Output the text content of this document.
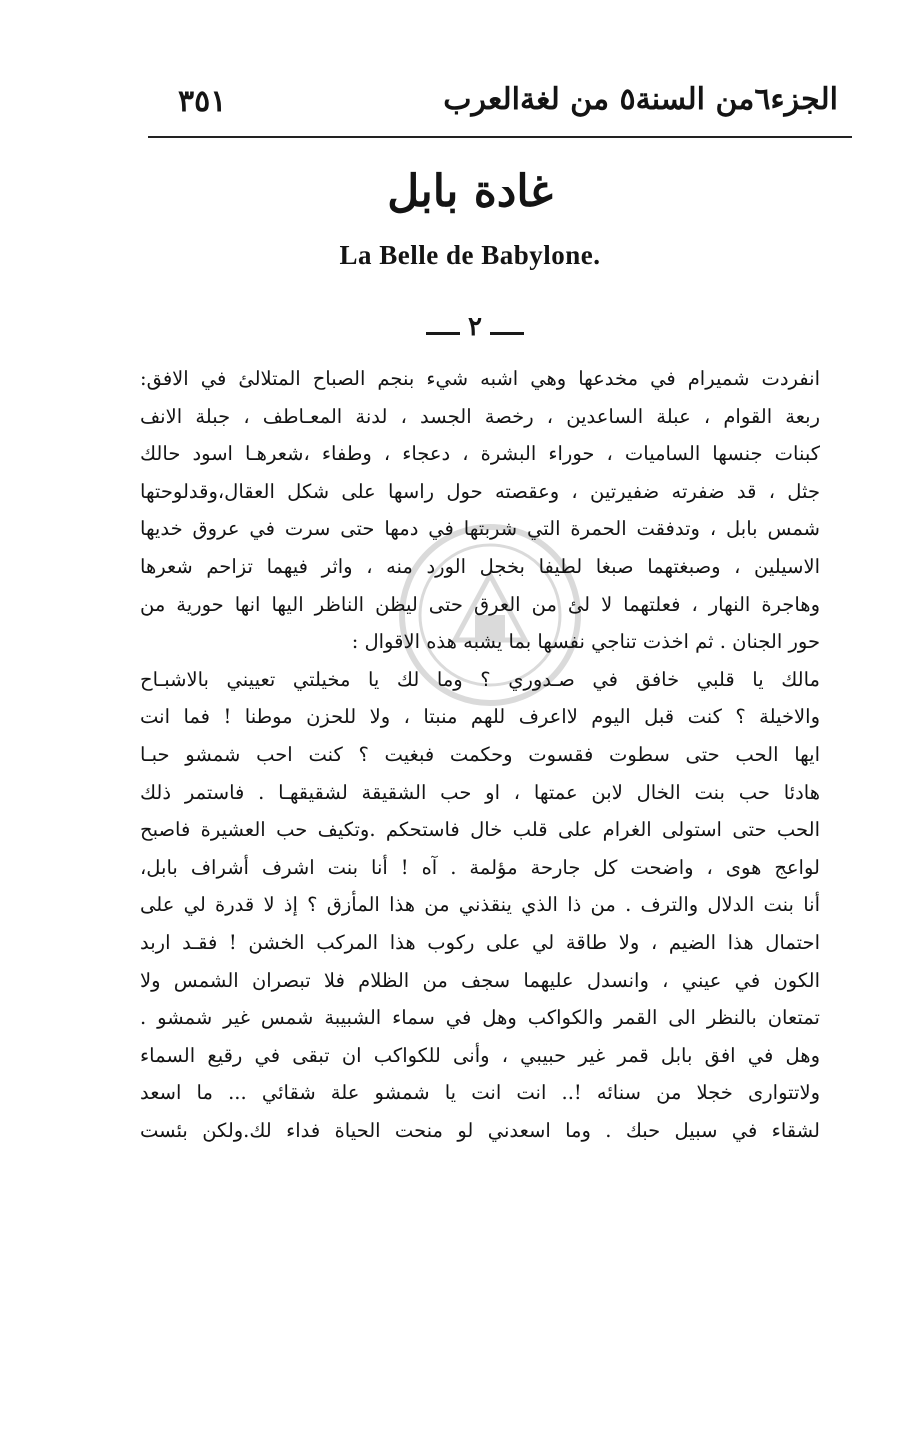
الجزء٦من السنة٥ من لغةالعرب
٣٥١
غادة بابل
La Belle de Babylone.
٢
انفردت شميرام في مخدعها وهي اشبه شيء بنجم الصباح المتلالئ في الافق:
ربعة القوام ، عبلة الساعدين ، رخصة الجسد ، لدنة المعـاطف ، جبلة الانف
كبنات جنسها الساميات ، حوراء البشرة ، دعجاء ، وطفاء ،شعرهـا اسود حالك
جثل ، قد ضفرته ضفيرتين ، وعقصته حول راسها على شكل العقال،وقدلوحتها
شمس بابل ، وتدفقت الحمرة التي شربتها في دمها حتى سرت في عروق خديها
الاسيلين ، وصبغتهما صبغا لطيفا بخجل الورد منه ، واثر فيهما تزاحم شعرها
وهاجرة النهار ، فعلتهما لا لئ من العرق حتى ليظن الناظر اليها انها حورية من
حور الجنان . ثم اخذت تناجي نفسها بما يشبه هذه الاقوال :
مالك يا قلبي خافق في صـدوري ؟ وما لك يا مخيلتي تعييني بالاشبـاح
والاخيلة ؟ كنت قبل اليوم لااعرف للهم منبتا ، ولا للحزن موطنا ! فما انت
ايها الحب حتى سطوت فقسوت وحكمت فبغيت ؟ كنت احب شمشو حبـا
هادئا حب بنت الخال لابن عمتها ، او حب الشقيقة لشقيقهـا . فاستمر ذلك
الحب حتى استولى الغرام على قلب خال فاستحكم .وتكيف حب العشيرة فاصبح
لواعج هوى ، واضحت كل جارحة مؤلمة . آه ! أنا بنت اشرف أشراف بابل،
أنا بنت الدلال والترف . من ذا الذي ينقذني من هذا المأزق ؟ إذ لا قدرة لي على
احتمال هذا الضيم ، ولا طاقة لي على ركوب هذا المركب الخشن ! فقـد اربد
الكون في عيني ، وانسدل عليهما سجف من الظلام فلا تبصران الشمس ولا
تمتعان بالنظر الى القمر والكواكب وهل في سماء الشبيبة شمس غير شمشو .
وهل في افق بابل قمر غير حبيبي ، وأنى للكواكب ان تبقى في رقيع السماء
ولاتتوارى خجلا من سنائه !.. انت انت يا شمشو علة شقائي ... ما اسعد
لشقاء في سبيل حبك . وما اسعدني لو منحت الحياة فداء لك.ولكن بئست
